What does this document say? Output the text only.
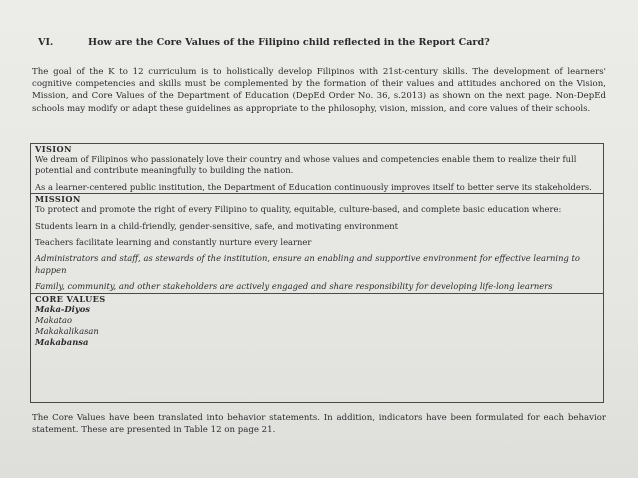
VI.	How are the Core Values of the Filipino child reflected in the Report Card?
The goal of the K to 12 curriculum is to holistically develop Filipinos with 21st-century skills. The development of learners' cognitive competencies and skills must be complemented by the formation of their values and attitudes anchored on the Vision, Mission, and Core Values of the Department of Education (DepEd Order No. 36, s.2013) as shown on the next page. Non-DepEd schools may modify or adapt these guidelines as appropriate to the philosophy, vision, mission, and core values of their schools.
VISION
We dream of Filipinos who passionately love their country and whose values and competencies enable them to realize their full potential and contribute meaningfully to building the nation.
As a learner-centered public institution, the Department of Education continuously improves itself to better serve its stakeholders.
MISSION
To protect and promote the right of every Filipino to quality, equitable, culture-based, and complete basic education where:
Students learn in a child-friendly, gender-sensitive, safe, and motivating environment
Teachers facilitate learning and constantly nurture every learner
Administrators and staff, as stewards of the institution, ensure an enabling and supportive environment for effective learning to happen
Family, community, and other stakeholders are actively engaged and share responsibility for developing life-long learners
CORE VALUES
Maka-Diyos
Makatao
Makakalikasan
Makabansa
The Core Values have been translated into behavior statements. In addition, indicators have been formulated for each behavior statement. These are presented in Table 12 on page 21.
